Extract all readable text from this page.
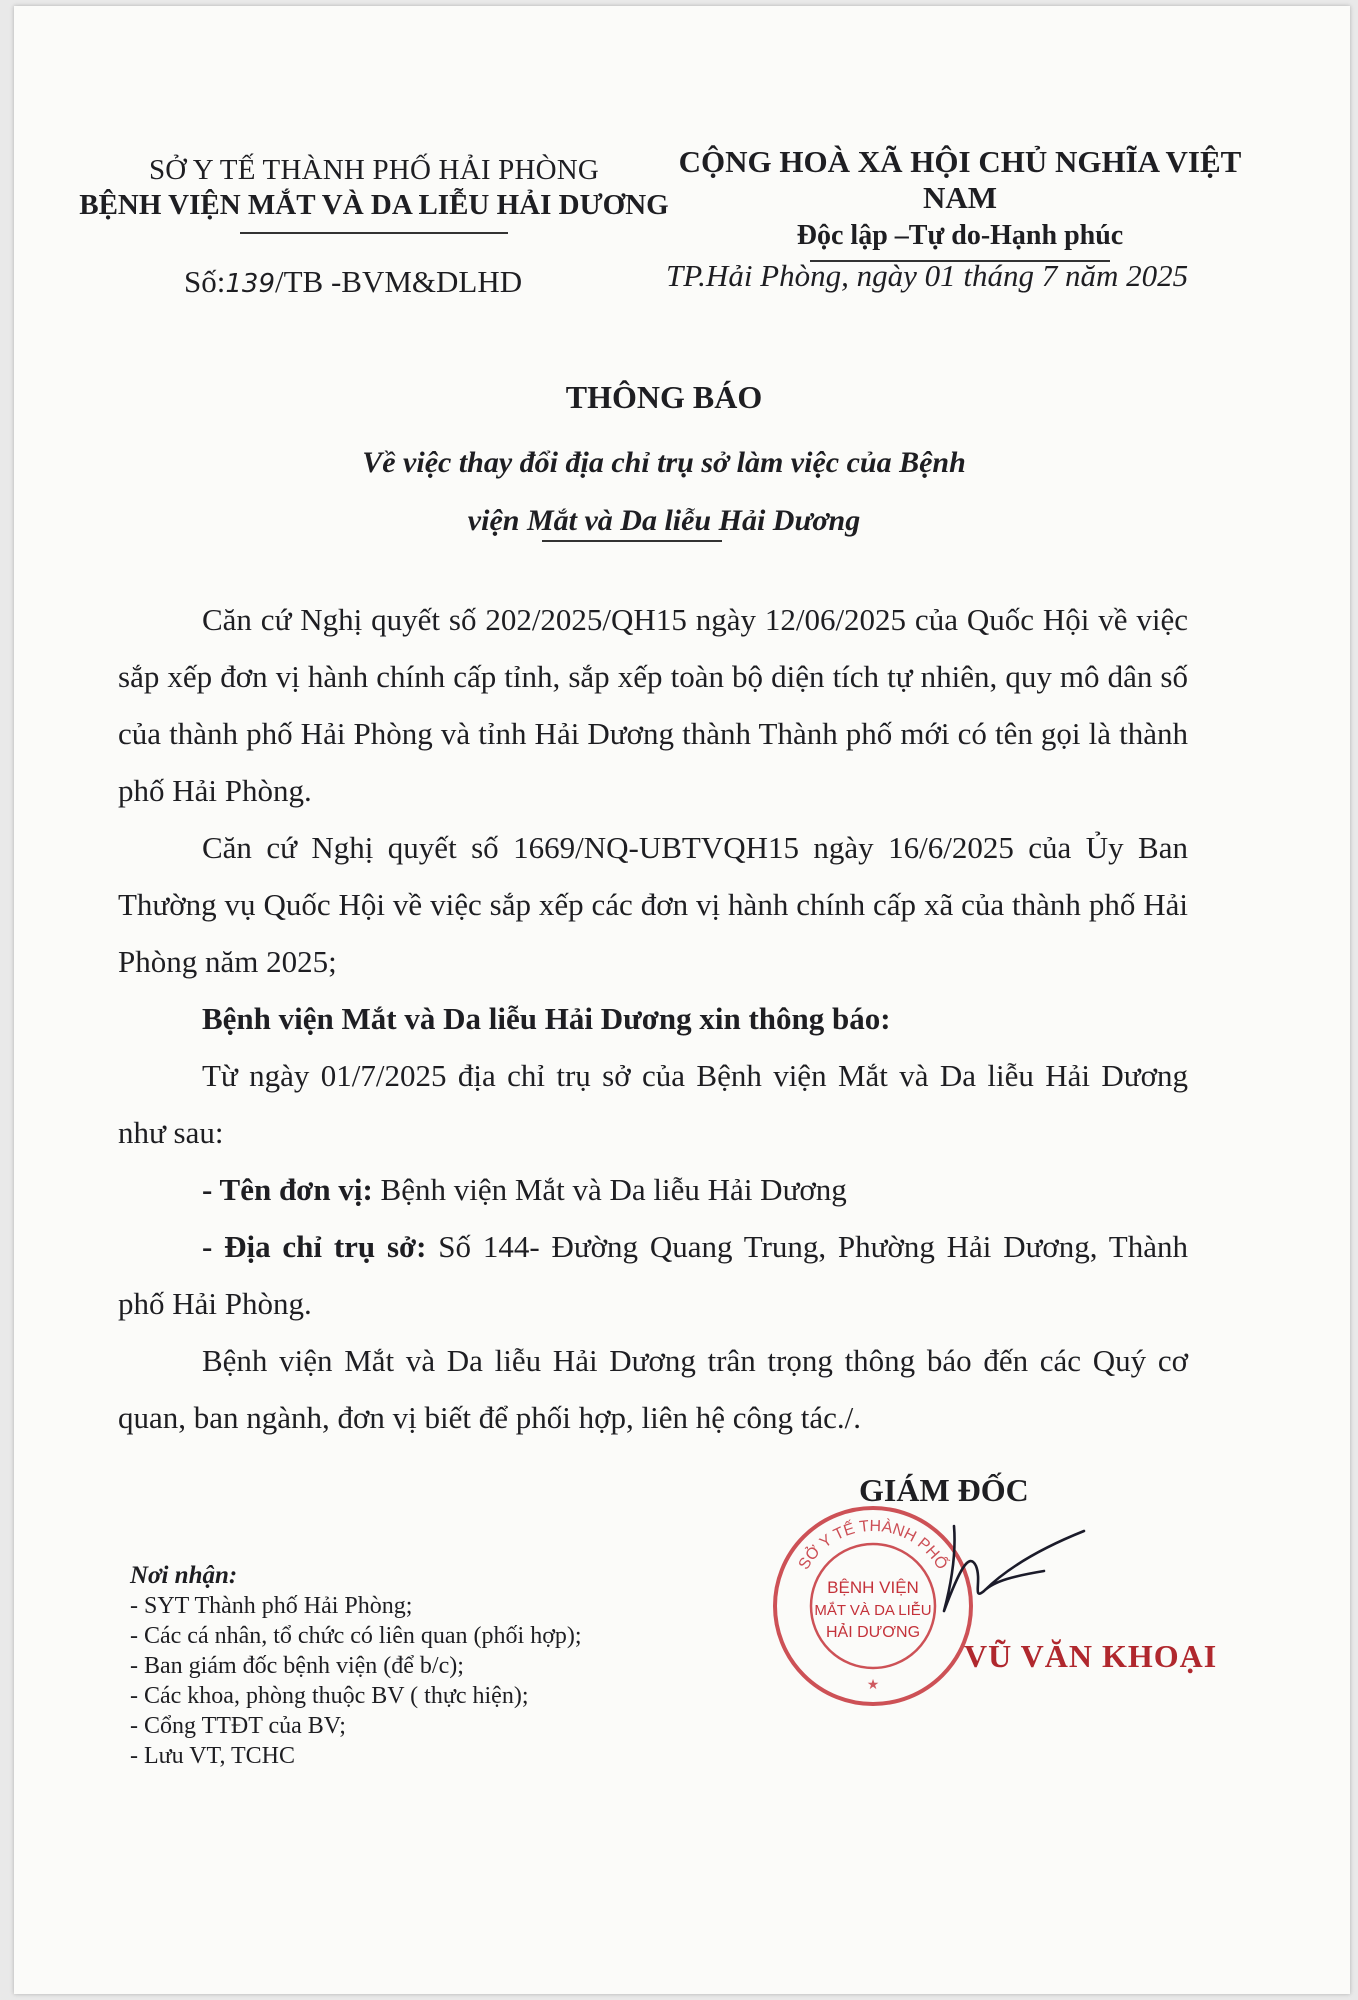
SỞ Y TẾ THÀNH PHỐ HẢI PHÒNG
BỆNH VIỆN MẮT VÀ DA LIỄU HẢI DƯƠNG
CỘNG HOÀ XÃ HỘI CHỦ NGHĨA VIỆT NAM
Độc lập –Tự do-Hạnh phúc
Số:139/TB -BVM&DLHD	TP.Hải Phòng, ngày 01 tháng 7 năm 2025
THÔNG BÁO
Về việc thay đổi địa chỉ trụ sở làm việc của Bệnh
viện Mắt và Da liễu Hải Dương

Căn cứ Nghị quyết số 202/2025/QH15 ngày 12/06/2025 của Quốc Hội về việc sắp xếp đơn vị hành chính cấp tỉnh, sắp xếp toàn bộ diện tích tự nhiên, quy mô dân số của thành phố Hải Phòng và tỉnh Hải Dương thành Thành phố mới có tên gọi là thành phố Hải Phòng.

Căn cứ Nghị quyết số 1669/NQ-UBTVQH15 ngày 16/6/2025 của Ủy Ban Thường vụ Quốc Hội về việc sắp xếp các đơn vị hành chính cấp xã của thành phố Hải Phòng năm 2025;

Bệnh viện Mắt và Da liễu Hải Dương xin thông báo:

Từ ngày 01/7/2025 địa chỉ trụ sở của Bệnh viện Mắt và Da liễu Hải Dương như sau:

- Tên đơn vị: Bệnh viện Mắt và Da liễu Hải Dương

- Địa chỉ trụ sở: Số 144- Đường Quang Trung, Phường Hải Dương, Thành phố Hải Phòng.

Bệnh viện Mắt và Da liễu Hải Dương trân trọng thông báo đến các Quý cơ quan, ban ngành, đơn vị biết để phối hợp, liên hệ công tác./.

GIÁM ĐỐC
SỞ Y TẾ THÀNH PHỐ
BỆNH VIỆN
MẮT VÀ DA LIỄU
HẢI DƯƠNG
★
VŨ VĂN KHOẠI
Nơi nhận:
- SYT Thành phố Hải Phòng;
- Các cá nhân, tổ chức có liên quan (phối hợp);
- Ban giám đốc bệnh viện (để b/c);
- Các khoa, phòng thuộc BV ( thực hiện);
- Cổng TTĐT của BV;
- Lưu VT, TCHC
